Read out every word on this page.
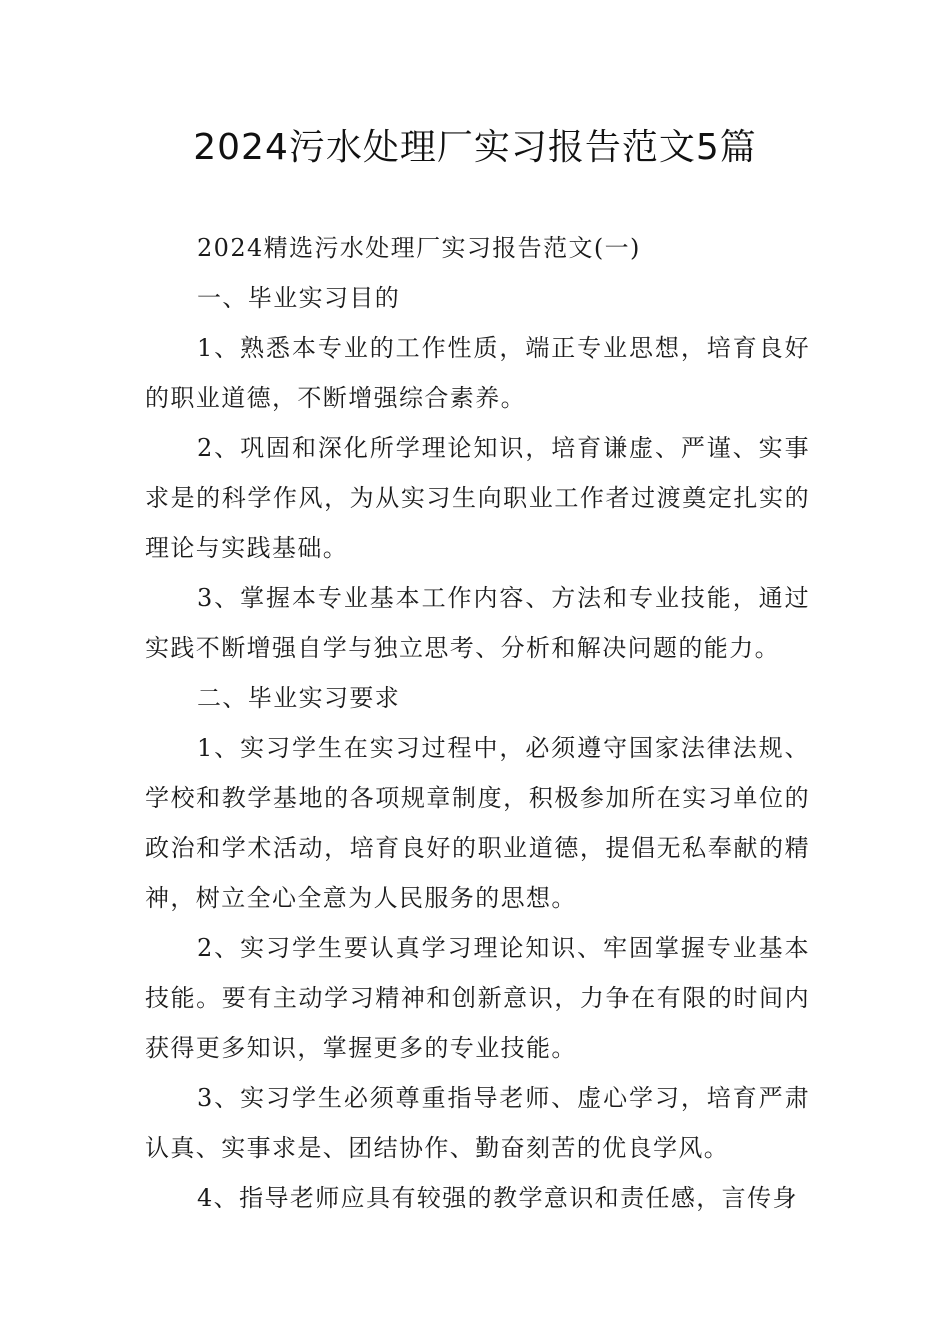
2024污水处理厂实习报告范文5篇

2024精选污水处理厂实习报告范文(一)

一、毕业实习目的

1、熟悉本专业的工作性质，端正专业思想，培育良好的职业道德，不断增强综合素养。

2、巩固和深化所学理论知识，培育谦虚、严谨、实事求是的科学作风，为从实习生向职业工作者过渡奠定扎实的理论与实践基础。

3、掌握本专业基本工作内容、方法和专业技能，通过实践不断增强自学与独立思考、分析和解决问题的能力。

二、毕业实习要求

1、实习学生在实习过程中，必须遵守国家法律法规、学校和教学基地的各项规章制度，积极参加所在实习单位的政治和学术活动，培育良好的职业道德，提倡无私奉献的精神，树立全心全意为人民服务的思想。

2、实习学生要认真学习理论知识、牢固掌握专业基本技能。要有主动学习精神和创新意识，力争在有限的时间内获得更多知识，掌握更多的专业技能。

3、实习学生必须尊重指导老师、虚心学习，培育严肃认真、实事求是、团结协作、勤奋刻苦的优良学风。

4、指导老师应具有较强的教学意识和责任感，言传身
